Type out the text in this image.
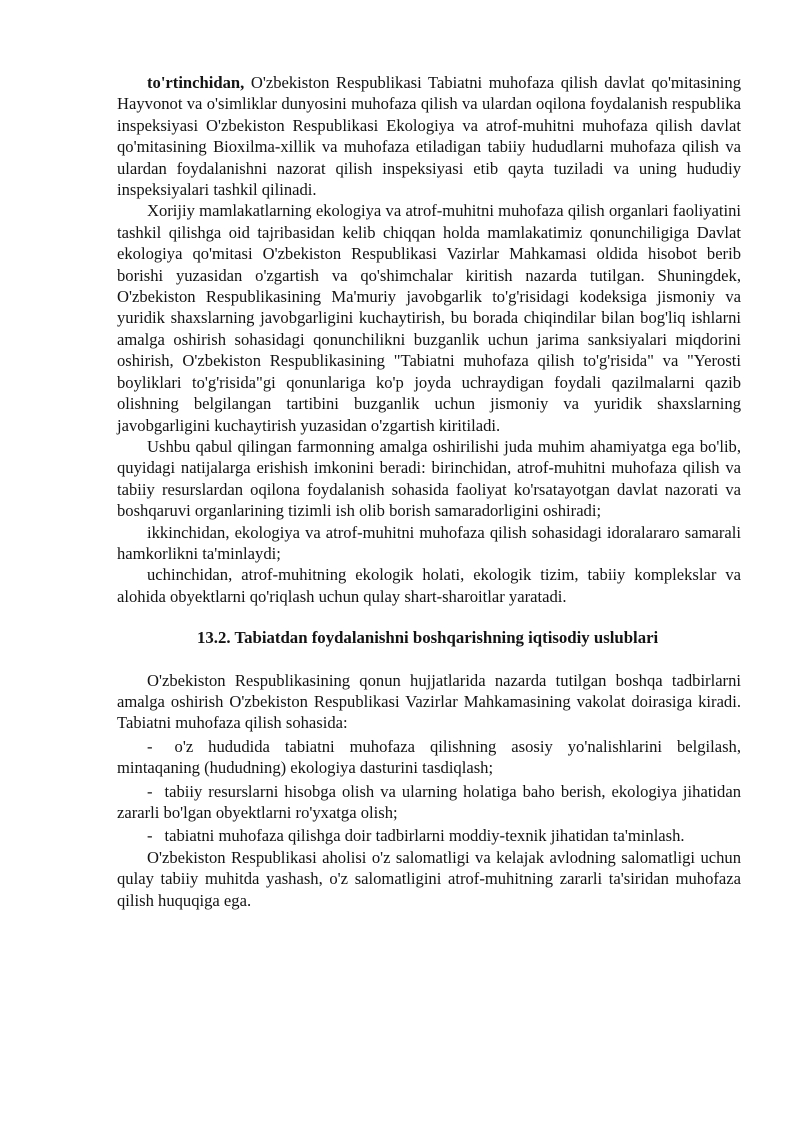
to'rtinchidan, O'zbekiston Respublikasi Tabiatni muhofaza qilish davlat qo'mitasining Hayvonot va o'simliklar dunyosini muhofaza qilish va ulardan oqilona foydalanish respublika inspeksiyasi O'zbekiston Respublikasi Ekologiya va atrof-muhitni muhofaza qilish davlat qo'mitasining Bioxilma-xillik va muhofaza etiladigan tabiiy hududlarni muhofaza qilish va ulardan foydalanishni nazorat qilish inspeksiyasi etib qayta tuziladi va uning hududiy inspeksiyalari tashkil qilinadi.

Xorijiy mamlakatlarning ekologiya va atrof-muhitni muhofaza qilish organlari faoliyatini tashkil qilishga oid tajribasidan kelib chiqqan holda mamlakatimiz qonunchiligiga Davlat ekologiya qo'mitasi O'zbekiston Respublikasi Vazirlar Mahkamasi oldida hisobot berib borishi yuzasidan o'zgartish va qo'shimchalar kiritish nazarda tutilgan. Shuningdek, O'zbekiston Respublikasining Ma'muriy javobgarlik to'g'risidagi kodeksiga jismoniy va yuridik shaxslarning javobgarligini kuchaytirish, bu borada chiqindilar bilan bog'liq ishlarni amalga oshirish sohasidagi qonunchilikni buzganlik uchun jarima sanksiyalari miqdorini oshirish, O'zbekiston Respublikasining "Tabiatni muhofaza qilish to'g'risida" va "Yerosti boyliklari to'g'risida"gi qonunlariga ko'p joyda uchraydigan foydali qazilmalarni qazib olishning belgilangan tartibini buzganlik uchun jismoniy va yuridik shaxslarning javobgarligini kuchaytirish yuzasidan o'zgartish kiritiladi.

Ushbu qabul qilingan farmonning amalga oshirilishi juda muhim ahamiyatga ega bo'lib, quyidagi natijalarga erishish imkonini beradi: birinchidan, atrof-muhitni muhofaza qilish va tabiiy resurslardan oqilona foydalanish sohasida faoliyat ko'rsatayotgan davlat nazorati va boshqaruvi organlarining tizimli ish olib borish samaradorligini oshiradi;

ikkinchidan, ekologiya va atrof-muhitni muhofaza qilish sohasidagi idoralararo samarali hamkorlikni ta'minlaydi;

uchinchidan, atrof-muhitning ekologik holati, ekologik tizim, tabiiy komplekslar va alohida obyektlarni qo'riqlash uchun qulay shart-sharoitlar yaratadi.

13.2. Tabiatdan foydalanishni boshqarishning iqtisodiy uslublari

O'zbekiston Respublikasining qonun hujjatlarida nazarda tutilgan boshqa tadbirlarni amalga oshirish O'zbekiston Respublikasi Vazirlar Mahkamasining vakolat doirasiga kiradi. Tabiatni muhofaza qilish sohasida:

- o'z hududida tabiatni muhofaza qilishning asosiy yo'nalishlarini belgilash, mintaqaning (hududning) ekologiya dasturini tasdiqlash;

- tabiiy resurslarni hisobga olish va ularning holatiga baho berish, ekologiya jihatidan zararli bo'lgan obyektlarni ro'yxatga olish;

- tabiatni muhofaza qilishga doir tadbirlarni moddiy-texnik jihatidan ta'minlash.

O'zbekiston Respublikasi aholisi o'z salomatligi va kelajak avlodning salomatligi uchun qulay tabiiy muhitda yashash, o'z salomatligini atrof-muhitning zararli ta'siridan muhofaza qilish huquqiga ega.
